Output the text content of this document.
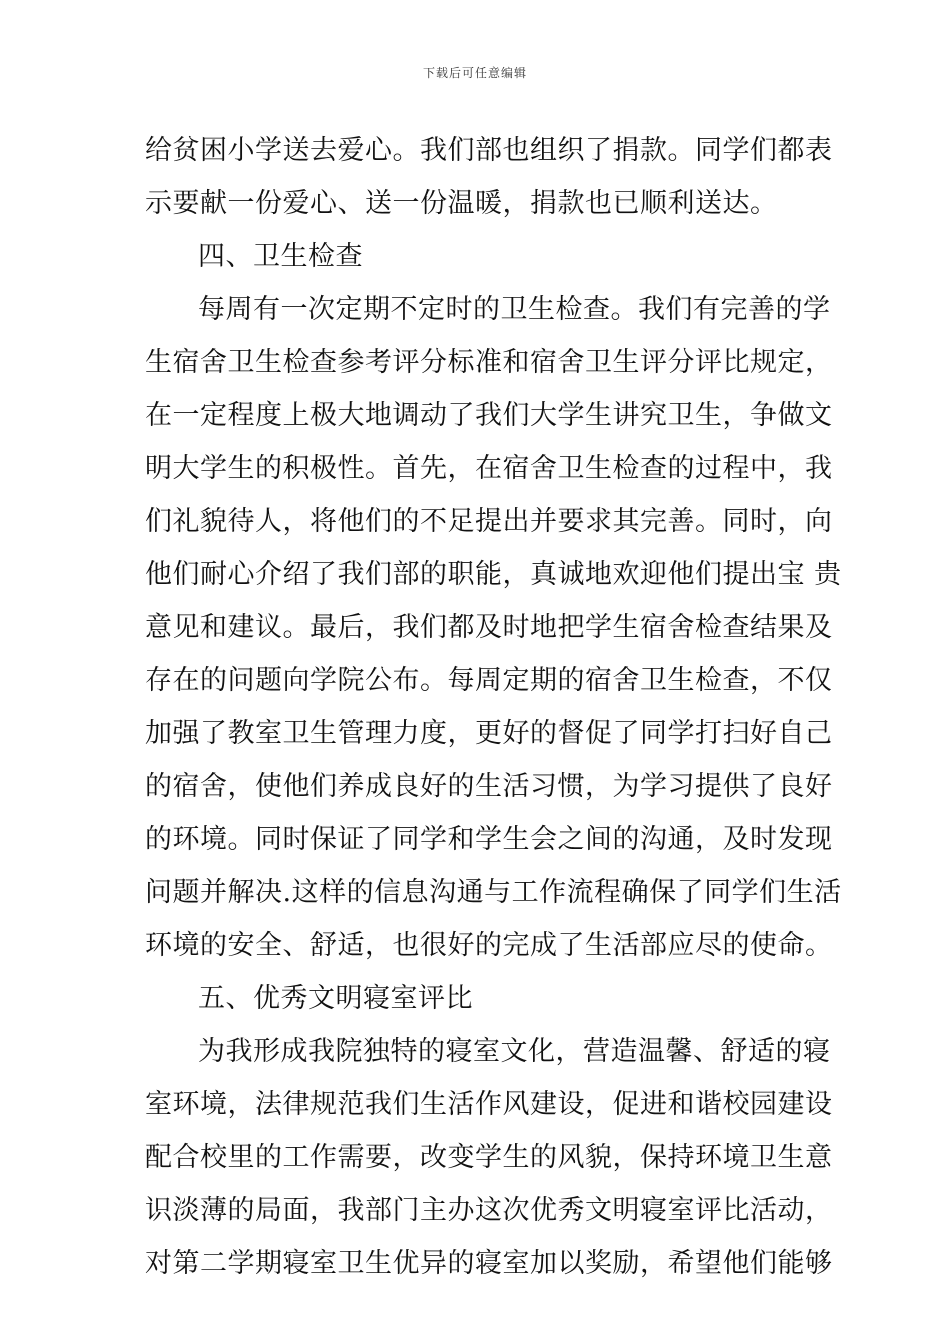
下载后可任意编辑
给贫困小学送去爱心。我们部也组织了捐款。同学们都表
示要献一份爱心、送一份温暖，捐款也已顺利送达。
四、卫生检查
每周有一次定期不定时的卫生检查。我们有完善的学
生宿舍卫生检查参考评分标准和宿舍卫生评分评比规定，
在一定程度上极大地调动了我们大学生讲究卫生，争做文
明大学生的积极性。首先，在宿舍卫生检查的过程中，我
们礼貌待人，将他们的不足提出并要求其完善。同时，向
他们耐心介绍了我们部的职能，真诚地欢迎他们提出宝 贵
意见和建议。最后，我们都及时地把学生宿舍检查结果及
存在的问题向学院公布。每周定期的宿舍卫生检查，不仅
加强了教室卫生管理力度，更好的督促了同学打扫好自己
的宿舍，使他们养成良好的生活习惯，为学习提供了良好
的环境。同时保证了同学和学生会之间的沟通，及时发现
问题并解决.这样的信息沟通与工作流程确保了同学们生活
环境的安全、舒适，也很好的完成了生活部应尽的使命。
五、优秀文明寝室评比
为我形成我院独特的寝室文化，营造温馨、舒适的寝
室环境，法律规范我们生活作风建设，促进和谐校园建设
配合校里的工作需要，改变学生的风貌，保持环境卫生意
识淡薄的局面，我部门主办这次优秀文明寝室评比活动，
对第二学期寝室卫生优异的寝室加以奖励，希望他们能够
